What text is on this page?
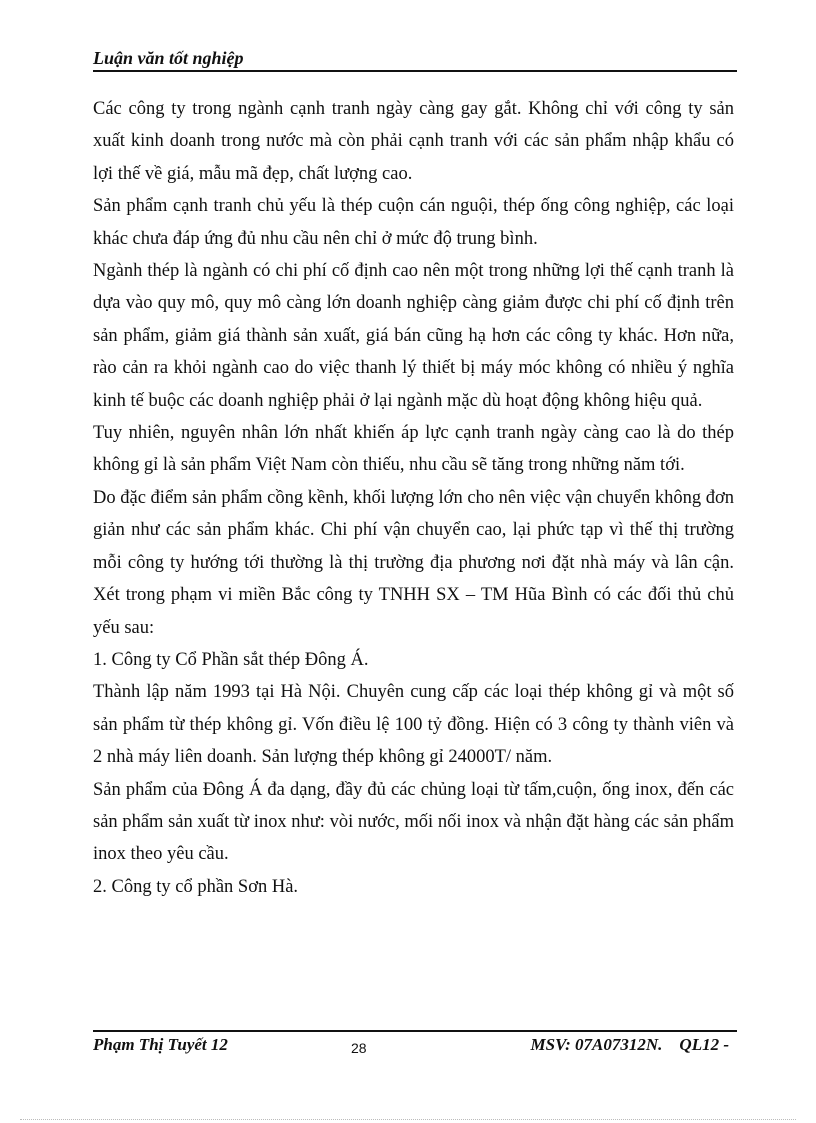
Luận văn tốt nghiệp

Các công ty trong ngành cạnh tranh ngày càng gay gắt. Không chỉ với công ty sản xuất kinh doanh trong nước mà còn phải cạnh tranh với các sản phẩm nhập khẩu có lợi thế về giá, mẫu mã đẹp, chất lượng cao.

Sản phẩm cạnh tranh chủ yếu là thép cuộn cán nguội, thép ống công nghiệp, các loại khác chưa đáp ứng đủ nhu cầu nên chỉ ở mức độ trung bình.

Ngành thép là ngành có chi phí cố định cao nên một trong những lợi thế cạnh tranh là dựa vào quy mô, quy mô càng lớn doanh nghiệp càng giảm được chi phí cố định trên sản phẩm, giảm giá thành sản xuất, giá bán cũng hạ hơn các công ty khác. Hơn nữa, rào cản ra khỏi ngành cao do việc thanh lý thiết bị máy móc không có nhiều ý nghĩa kinh tế buộc các doanh nghiệp phải ở lại ngành mặc dù hoạt động không hiệu quả.

Tuy nhiên, nguyên nhân lớn nhất khiến áp lực cạnh tranh ngày càng cao là do thép không gỉ là sản phẩm Việt Nam còn thiếu, nhu cầu sẽ tăng trong những năm tới.

Do đặc điểm sản phẩm cồng kềnh, khối lượng lớn cho nên việc vận chuyển không đơn giản như các sản phẩm khác. Chi phí vận chuyển cao, lại phức tạp vì thế thị trường mỗi công ty hướng tới thường là thị trường địa phương nơi đặt nhà máy và lân cận. Xét trong phạm vi miền Bắc công ty TNHH SX – TM Hũa Bình có các đối thủ chủ yếu sau:

1. Công ty Cổ Phần sắt thép Đông Á.

Thành lập năm 1993 tại Hà Nội. Chuyên cung cấp các loại thép không gỉ và một số sản phẩm từ thép không gỉ. Vốn điều lệ 100 tỷ đồng. Hiện có 3 công ty thành viên và 2 nhà máy liên doanh. Sản lượng thép không gỉ 24000T/ năm.

Sản phẩm của Đông Á đa dạng, đầy đủ các chủng loại từ tấm,cuộn, ống inox, đến các sản phẩm sản xuất từ inox như: vòi nước, mối nối inox và nhận đặt hàng các sản phẩm inox theo yêu cầu.

2. Công ty cổ phần Sơn Hà.

Phạm Thị Tuyết 12	28	MSV: 07A07312N.    QL12 -
